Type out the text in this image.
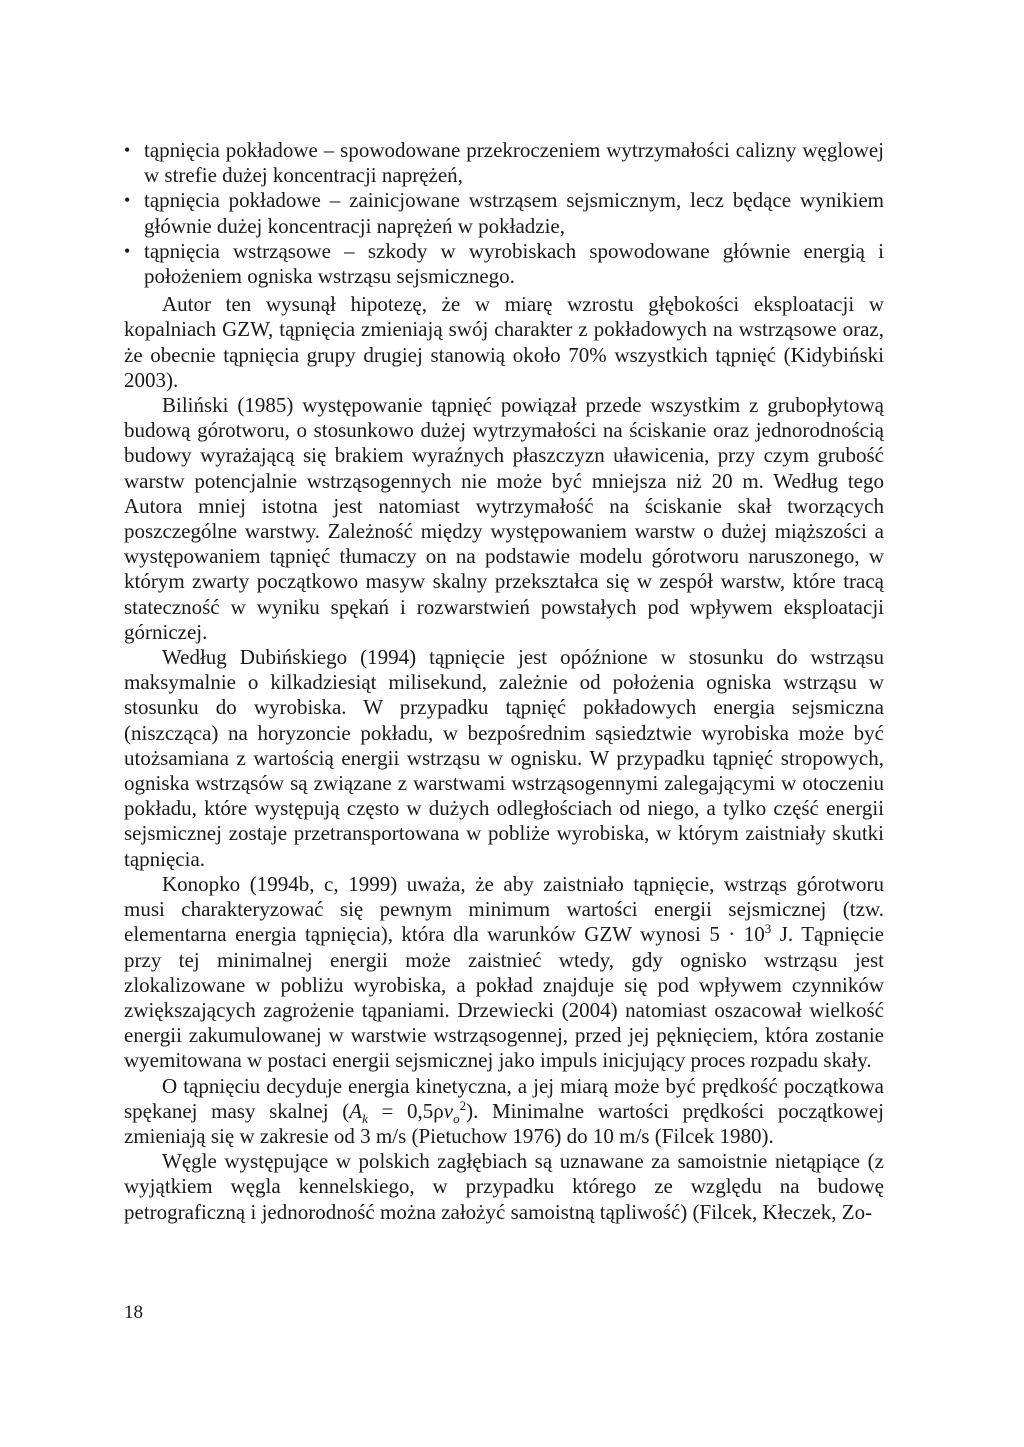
• tąpnięcia pokładowe – spowodowane przekroczeniem wytrzymałości calizny węglowej w strefie dużej koncentracji naprężeń,
• tąpnięcia pokładowe – zainicjowane wstrząsem sejsmicznym, lecz będące wynikiem głównie dużej koncentracji naprężeń w pokładzie,
• tąpnięcia wstrząsowe – szkody w wyrobiskach spowodowane głównie energią i położeniem ogniska wstrząsu sejsmicznego.

Autor ten wysunął hipotezę, że w miarę wzrostu głębokości eksploatacji w kopalniach GZW, tąpnięcia zmieniają swój charakter z pokładowych na wstrząsowe oraz, że obecnie tąpnięcia grupy drugiej stanowią około 70% wszystkich tąpnięć (Kidybiński 2003).

Biliński (1985) występowanie tąpnięć powiązał przede wszystkim z grubopłytową budową górotworu, o stosunkowo dużej wytrzymałości na ściskanie oraz jednorodnością budowy wyrażającą się brakiem wyraźnych płaszczyzn uławicenia, przy czym grubość warstw potencjalnie wstrząsogennych nie może być mniejsza niż 20 m. Według tego Autora mniej istotna jest natomiast wytrzymałość na ściskanie skał tworzących poszczególne warstwy. Zależność między występowaniem warstw o dużej miąższości a występowaniem tąpnięć tłumaczy on na podstawie modelu górotworu naruszonego, w którym zwarty początkowo masyw skalny przekształca się w zespół warstw, które tracą stateczność w wyniku spękań i rozwarstwień powstałych pod wpływem eksploatacji górniczej.

Według Dubińskiego (1994) tąpnięcie jest opóźnione w stosunku do wstrząsu maksymalnie o kilkadziesiąt milisekund, zależnie od położenia ogniska wstrząsu w stosunku do wyrobiska. W przypadku tąpnięć pokładowych energia sejsmiczna (niszcząca) na horyzoncie pokładu, w bezpośrednim sąsiedztwie wyrobiska może być utożsamiana z wartością energii wstrząsu w ognisku. W przypadku tąpnięć stropowych, ogniska wstrząsów są związane z warstwami wstrząsogennymi zalegającymi w otoczeniu pokładu, które występują często w dużych odległościach od niego, a tylko część energii sejsmicznej zostaje przetransportowana w pobliże wyrobiska, w którym zaistniały skutki tąpnięcia.

Konopko (1994b, c, 1999) uważa, że aby zaistniało tąpnięcie, wstrząs górotworu musi charakteryzować się pewnym minimum wartości energii sejsmicznej (tzw. elementarna energia tąpnięcia), która dla warunków GZW wynosi $5 \cdot 10^3$ J. Tąpnięcie przy tej minimalnej energii może zaistnieć wtedy, gdy ognisko wstrząsu jest zlokalizowane w pobliżu wyrobiska, a pokład znajduje się pod wpływem czynników zwiększających zagrożenie tąpaniami. Drzewiecki (2004) natomiast oszacował wielkość energii zakumulowanej w warstwie wstrząsogennej, przed jej pęknięciem, która zostanie wyemitowana w postaci energii sejsmicznej jako impuls inicjujący proces rozpadu skały.

O tąpnięciu decyduje energia kinetyczna, a jej miarą może być prędkość początkowa spękanej masy skalnej $(A_k = 0,5\rho v_o^2)$. Minimalne wartości prędkości początkowej zmieniają się w zakresie od 3 m/s (Pietuchow 1976) do 10 m/s (Filcek 1980).

Węgle występujące w polskich zagłębiach są uznawane za samoistnie nietąpiące (z wyjątkiem węgla kennelskiego, w przypadku którego ze względu na budowę petrograficzną i jednorodność można założyć samoistną tąpliwość) (Filcek, Kłeczek, Zo-

18
